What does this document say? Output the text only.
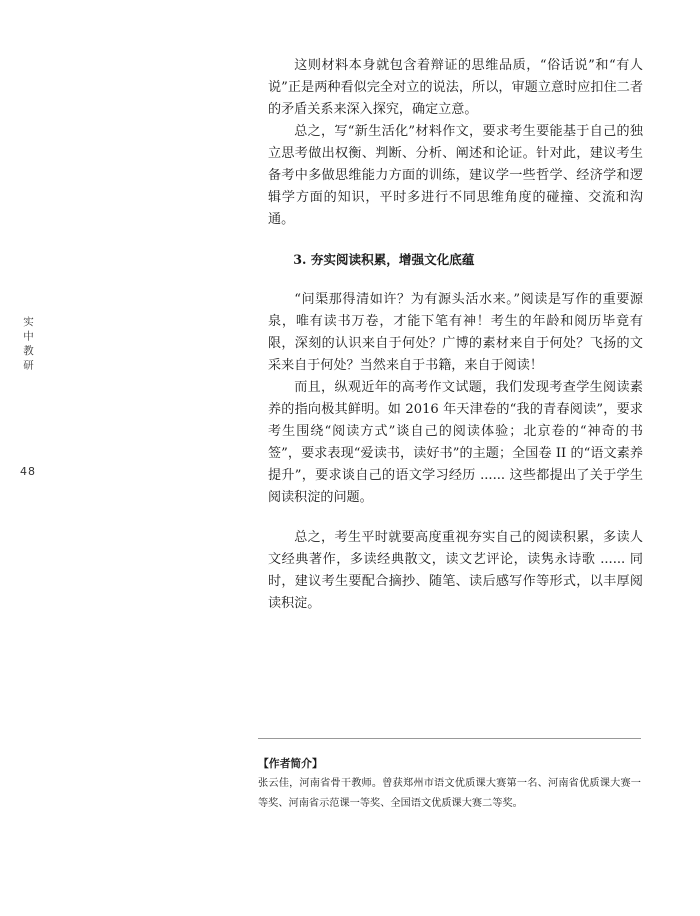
实中教研
48

这则材料本身就包含着辩证的思维品质，“俗话说”和“有人说”正是两种看似完全对立的说法，所以，审题立意时应扣住二者的矛盾关系来深入探究，确定立意。

总之，写“新生活化”材料作文，要求考生要能基于自己的独立思考做出权衡、判断、分析、阐述和论证。针对此，建议考生备考中多做思维能力方面的训练，建议学一些哲学、经济学和逻辑学方面的知识，平时多进行不同思维角度的碰撞、交流和沟通。

3. 夯实阅读积累，增强文化底蕴

“问渠那得清如许？为有源头活水来。”阅读是写作的重要源泉，唯有读书万卷，才能下笔有神！考生的年龄和阅历毕竟有限，深刻的认识来自于何处？广博的素材来自于何处？飞扬的文采来自于何处？当然来自于书籍，来自于阅读！

而且，纵观近年的高考作文试题，我们发现考查学生阅读素养的指向极其鲜明。如 2016 年天津卷的“我的青春阅读”，要求考生围绕“阅读方式”谈自己的阅读体验；北京卷的“神奇的书签”，要求表现“爱读书，读好书”的主题；全国卷 II 的“语文素养提升”，要求谈自己的语文学习经历 ...... 这些都提出了关于学生阅读积淀的问题。

总之，考生平时就要高度重视夯实自己的阅读积累，多读人文经典著作，多读经典散文，读文艺评论，读隽永诗歌 ...... 同时，建议考生要配合摘抄、随笔、读后感写作等形式，以丰厚阅读积淀。

【作者简介】

张云佳，河南省骨干教师。曾获郑州市语文优质课大赛第一名、河南省优质课大赛一等奖、河南省示范课一等奖、全国语文优质课大赛二等奖。
